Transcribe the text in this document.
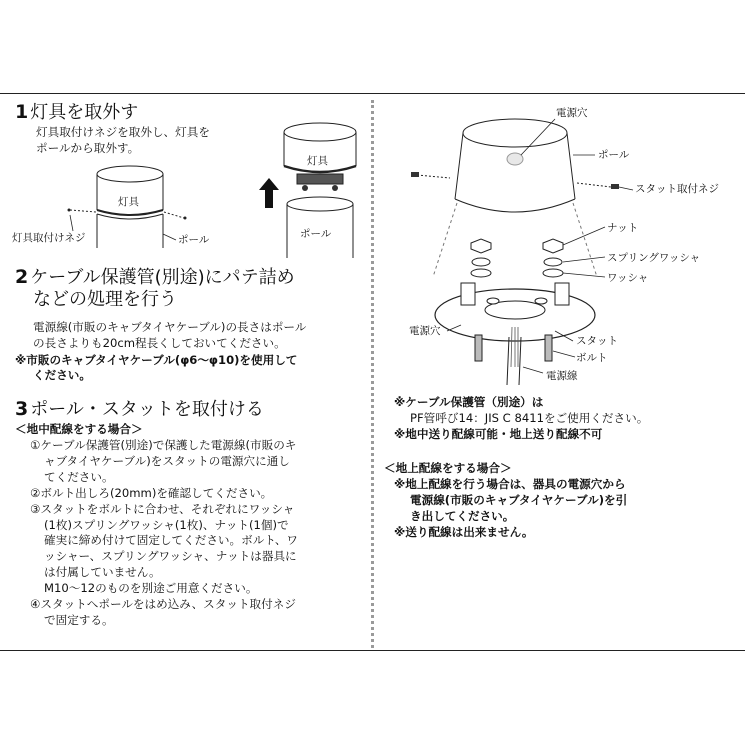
1 灯具を取外す
灯具取付けネジを取外し、灯具を
ポールから取外す。
灯具
灯具取付けネジ	ポール
灯具
ポール
2 ケーブル保護管(別途)にパテ詰め
などの処理を行う
電源線(市販のキャブタイヤケーブル)の長さはポール
の長さよりも20cm程長くしておいてください。
※市販のキャブタイヤケーブル(φ6～φ10)を使用して
ください。
3 ポール・スタットを取付ける
＜地中配線をする場合＞
①ケーブル保護管(別途)で保護した電源線(市販のキ
ャブタイヤケーブル)をスタットの電源穴に通し
てください。
②ボルト出しろ(20mm)を確認してください。
③スタットをボルトに合わせ、それぞれにワッシャ
(1枚)スプリングワッシャ(1枚)、ナット(1個)で
確実に締め付けて固定してください。ボルト、ワ
ッシャー、スプリングワッシャ、ナットは器具に
は付属していません。
M10～12のものを別途ご用意ください。
④スタットへポールをはめ込み、スタット取付ネジ
で固定する。
電源穴
ポール
スタット取付ネジ
ナット
スプリングワッシャ
ワッシャ
電源穴
スタット
ボルト
電源線
※ケーブル保護管（別途）は
PF管呼び14：JIS C 8411をご使用ください。
※地中送り配線可能・地上送り配線不可
＜地上配線をする場合＞
※地上配線を行う場合は、器具の電源穴から
電源線(市販のキャブタイヤケーブル)を引
き出してください。
※送り配線は出来ません。
